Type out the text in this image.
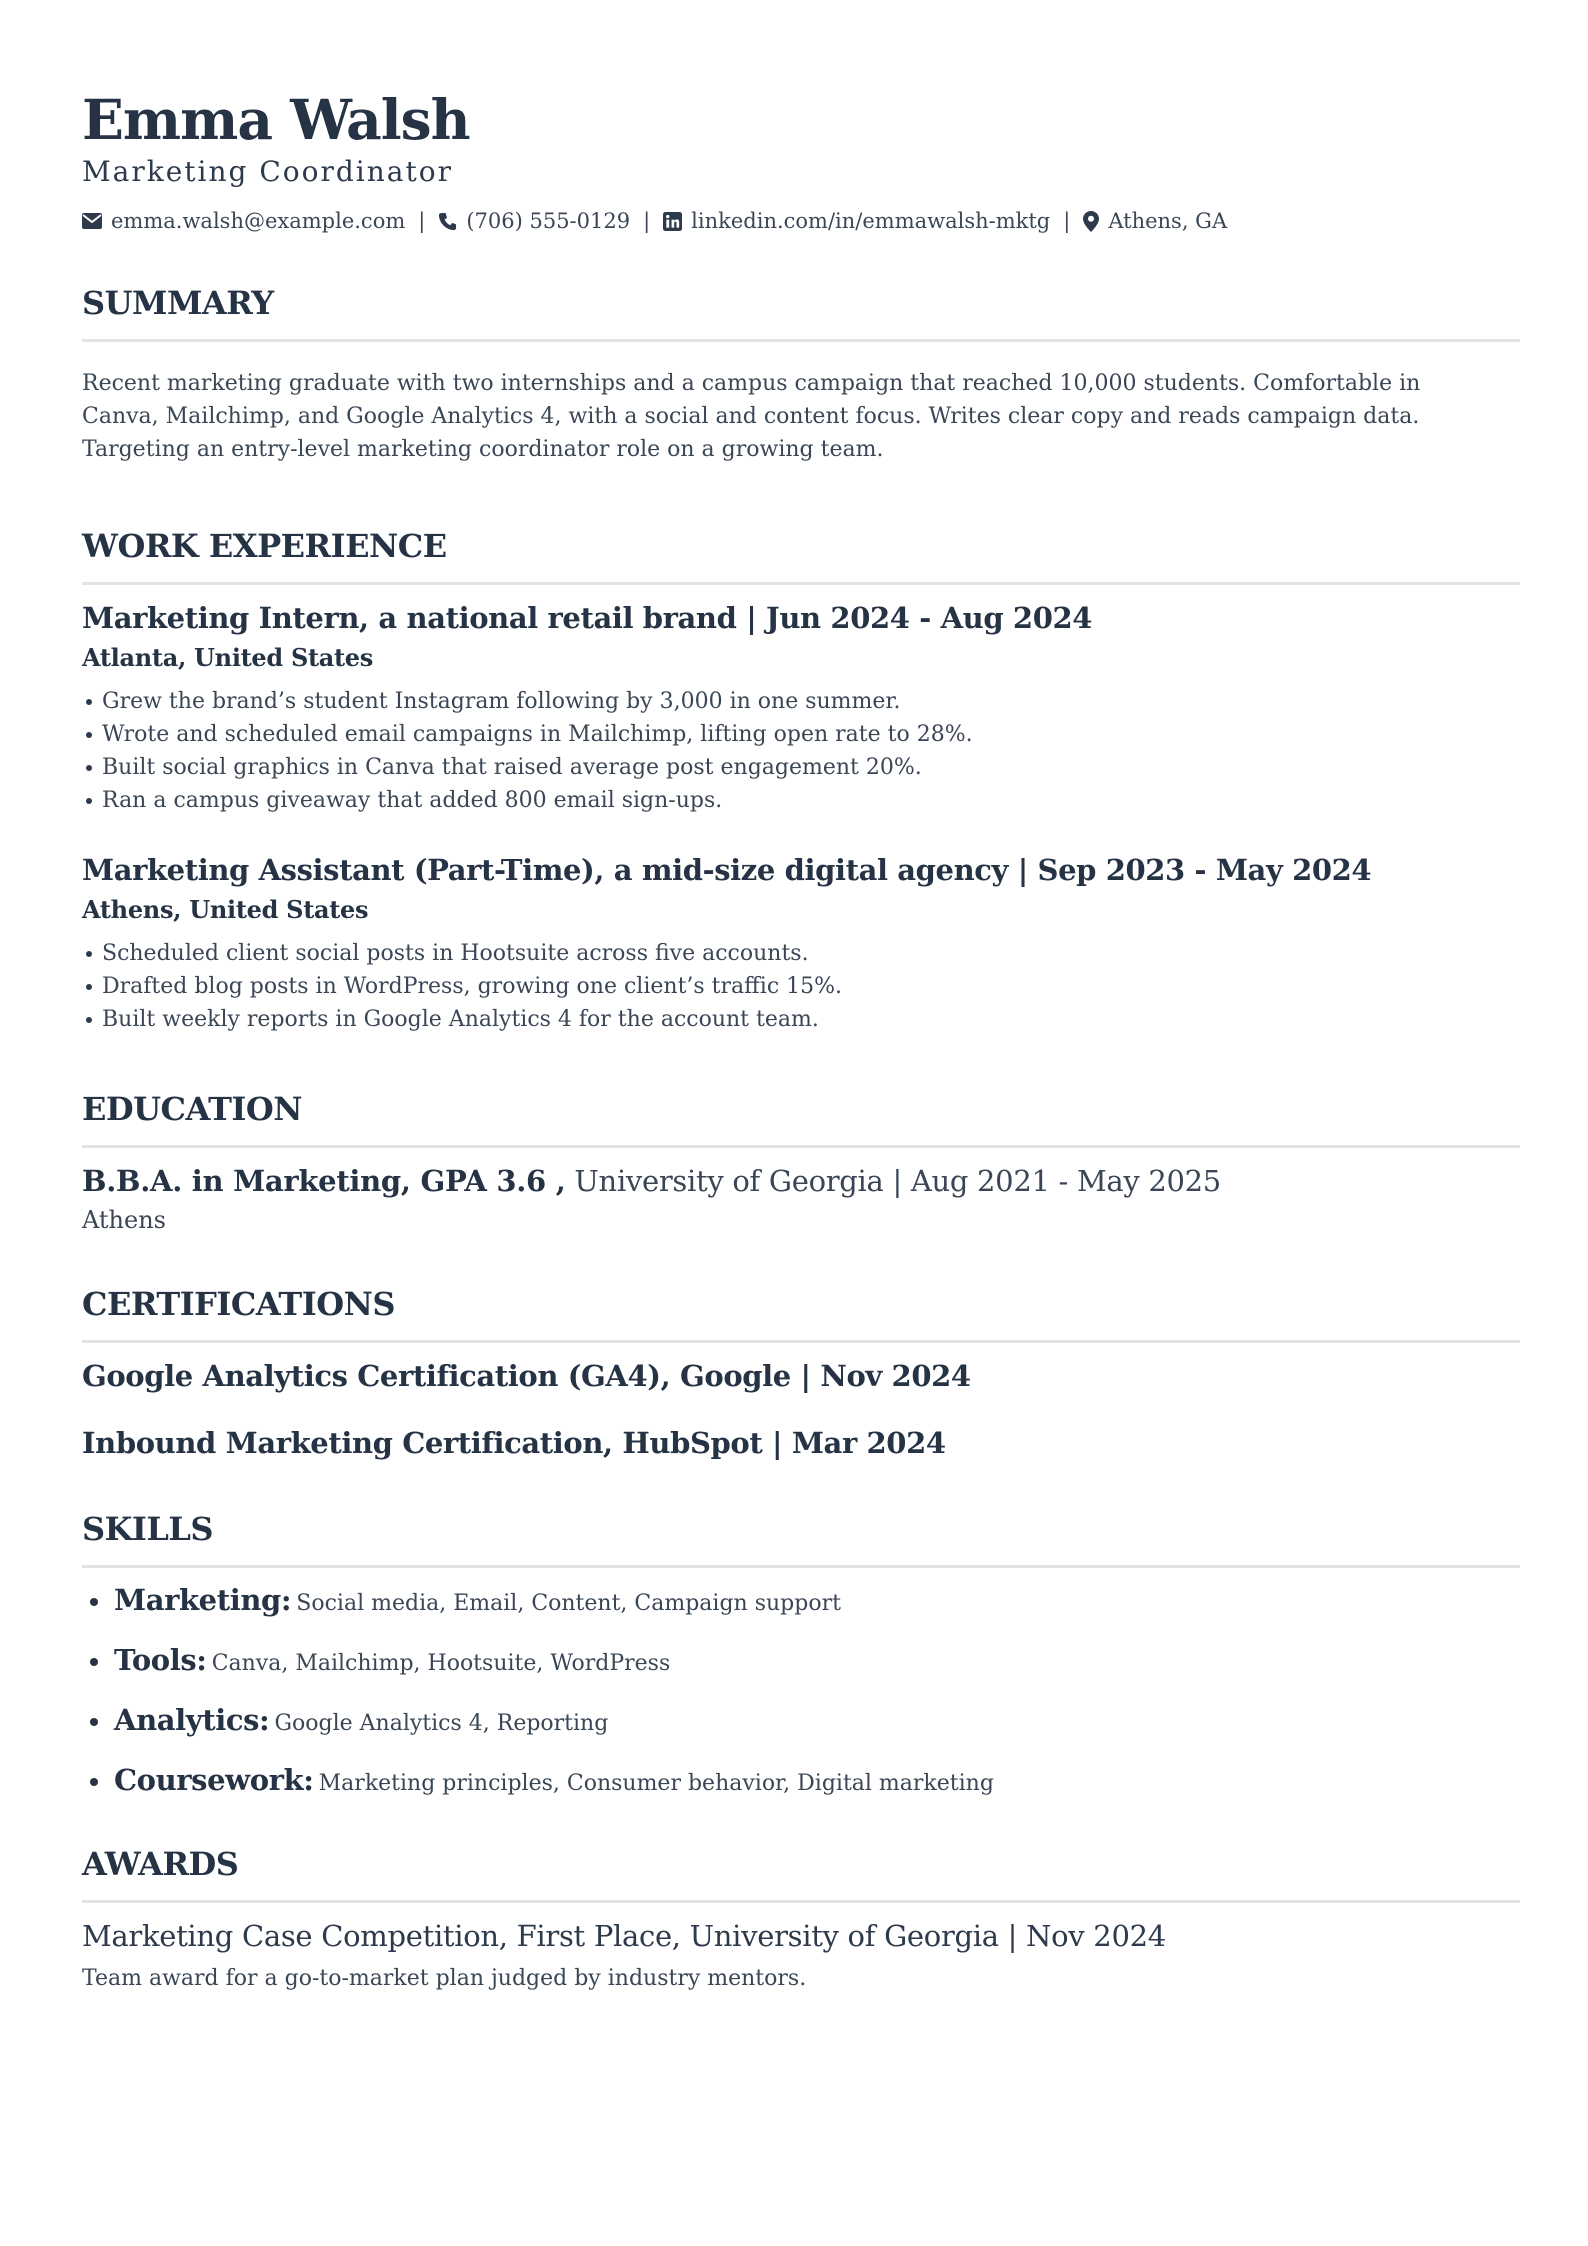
Emma Walsh
Marketing Coordinator
emma.walsh@example.com | (706) 555-0129 | linkedin.com/in/emmawalsh-mktg | Athens, GA
SUMMARY

Recent marketing graduate with two internships and a campus campaign that reached 10,000 students. Comfortable in Canva, Mailchimp, and Google Analytics 4, with a social and content focus. Writes clear copy and reads campaign data. Targeting an entry-level marketing coordinator role on a growing team.

WORK EXPERIENCE
Marketing Intern, a national retail brand | Jun 2024 - Aug 2024
Atlanta, United States
Grew the brand’s student Instagram following by 3,000 in one summer.
Wrote and scheduled email campaigns in Mailchimp, lifting open rate to 28%.
Built social graphics in Canva that raised average post engagement 20%.
Ran a campus giveaway that added 800 email sign-ups.
Marketing Assistant (Part-Time), a mid-size digital agency | Sep 2023 - May 2024
Athens, United States
Scheduled client social posts in Hootsuite across five accounts.
Drafted blog posts in WordPress, growing one client’s traffic 15%.
Built weekly reports in Google Analytics 4 for the account team.
EDUCATION
B.B.A. in Marketing, GPA 3.6 , University of Georgia | Aug 2021 - May 2025
Athens
CERTIFICATIONS
Google Analytics Certification (GA4), Google | Nov 2024
Inbound Marketing Certification, HubSpot | Mar 2024
SKILLS
Marketing: Social media, Email, Content, Campaign support
Tools: Canva, Mailchimp, Hootsuite, WordPress
Analytics: Google Analytics 4, Reporting
Coursework: Marketing principles, Consumer behavior, Digital marketing
AWARDS
Marketing Case Competition, First Place, University of Georgia | Nov 2024
Team award for a go-to-market plan judged by industry mentors.
